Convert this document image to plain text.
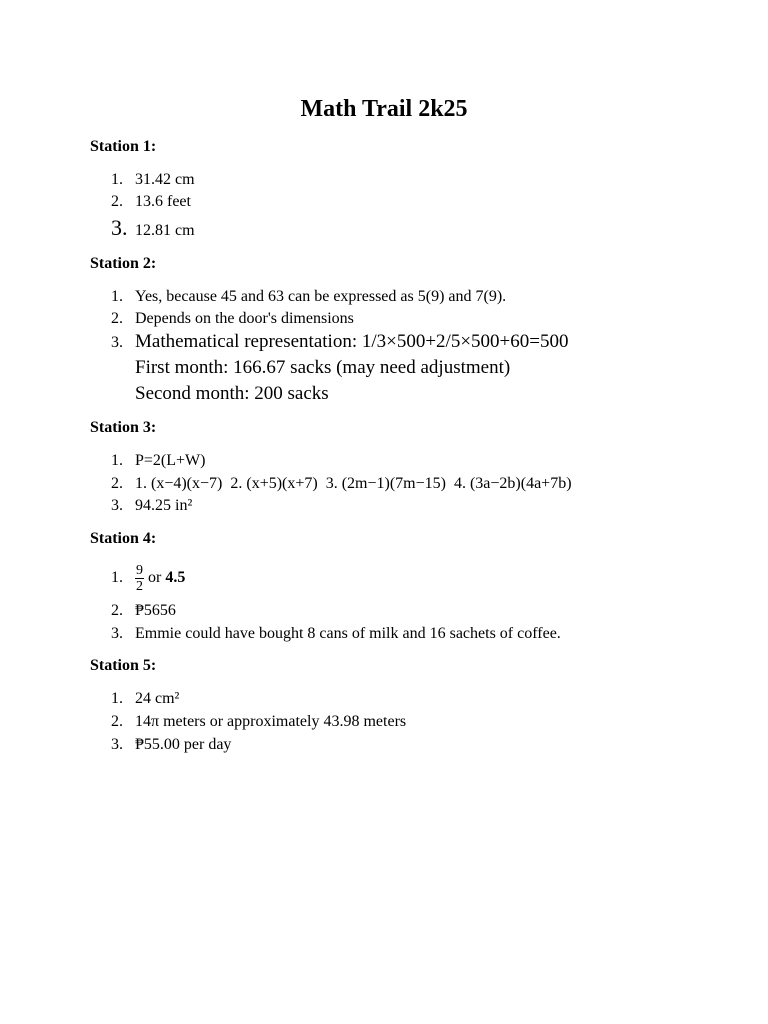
Math Trail 2k25
Station 1:
1. 31.42 cm
2. 13.6 feet
3. 12.81 cm
Station 2:
1. Yes, because 45 and 63 can be expressed as 5(9) and 7(9).
2. Depends on the door's dimensions
3. Mathematical representation: 1/3×500+2/5×500+60=500
First month: 166.67 sacks (may need adjustment)
Second month: 200 sacks
Station 3:
1. P=2(L+W)
2. 1. (x−4)(x−7)  2. (x+5)(x+7)  3. (2m−1)(7m−15)  4. (3a−2b)(4a+7b)
3. 94.25 in²
Station 4:
1. $\frac{9}{2}$ or 4.5
2. ₱5656
3. Emmie could have bought 8 cans of milk and 16 sachets of coffee.
Station 5:
1. 24 cm²
2. 14π meters or approximately 43.98 meters
3. ₱55.00 per day
